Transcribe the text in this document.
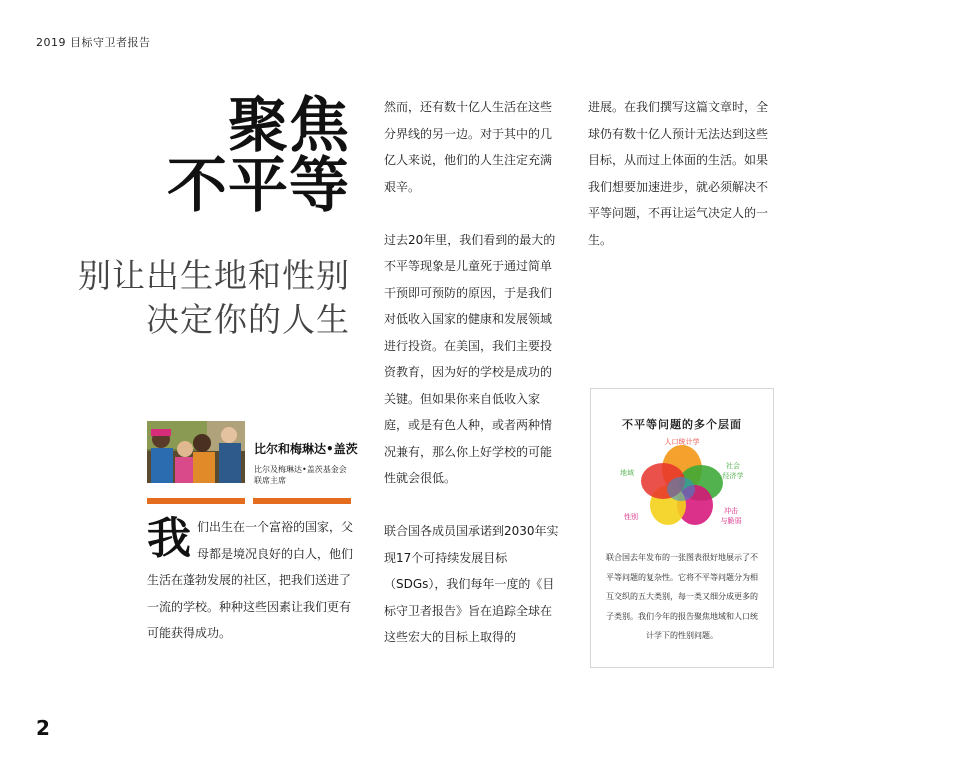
2019 目标守卫者报告
聚焦
不平等
别让出生地和性别
决定你的人生
比尔和梅琳达•盖茨
比尔及梅琳达•盖茨基金会
联席主席
我们出生在一个富裕的国家，父母都是境况良好的白人，他们生活在蓬勃发展的社区，把我们送进了一流的学校。种种这些因素让我们更有可能获得成功。

然而，还有数十亿人生活在这些分界线的另一边。对于其中的几亿人来说，他们的人生注定充满艰辛。

过去20年里，我们看到的最大的不平等现象是儿童死于通过简单干预即可预防的原因，于是我们对低收入国家的健康和发展领域进行投资。在美国，我们主要投资教育，因为好的学校是成功的关键。但如果你来自低收入家庭，或是有色人种，或者两种情况兼有，那么你上好学校的可能性就会很低。

联合国各成员国承诺到2030年实现17个可持续发展目标（SDGs），我们每年一度的《目标守卫者报告》旨在追踪全球在这些宏大的目标上取得的

进展。在我们撰写这篇文章时，全球仍有数十亿人预计无法达到这些目标，从而过上体面的生活。如果我们想要加速进步，就必须解决不平等问题，不再让运气决定人的一生。

不平等问题的多个层面
人口统计学
社会
经济学
地域
性别
冲击
与脆弱
联合国去年发布的一张图表很好地展示了不平等问题的复杂性。它将不平等问题分为相互交织的五大类别，每一类又细分成更多的子类别。我们今年的报告聚焦地域和人口统计学下的性别问题。
2
